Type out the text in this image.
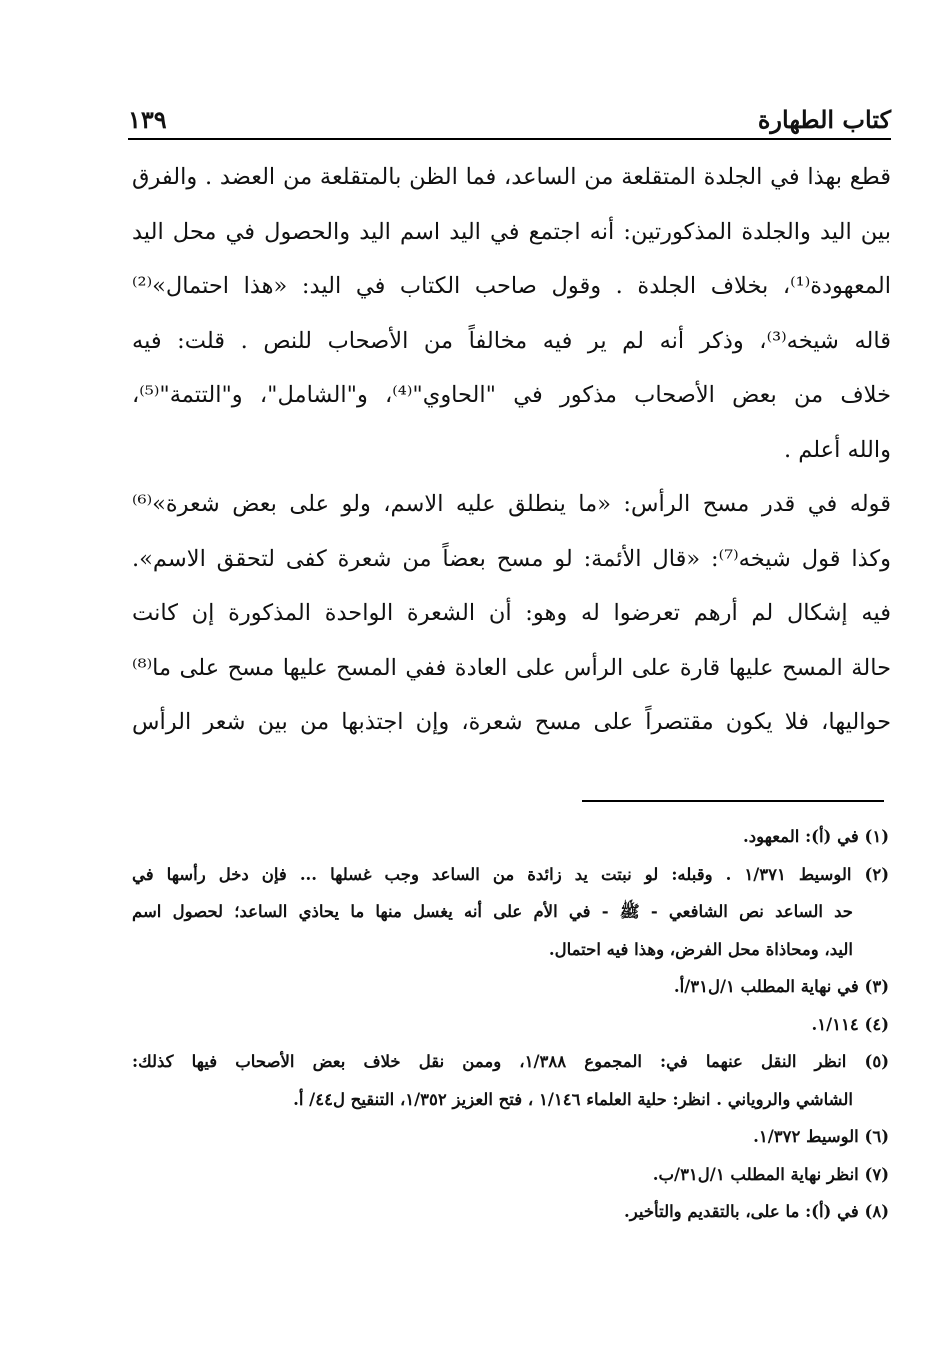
كتاب الطهارة
١٣٩
قطع بهذا في الجلدة المتقلعة من الساعد، فما الظن بالمتقلعة من العضد . والفرق
بين اليد والجلدة المذكورتين: أنه اجتمع في اليد اسم اليد والحصول في محل اليد
المعهودة⁽¹⁾، بخلاف الجلدة . وقول صاحب الكتاب في اليد: «هذا احتمال»⁽²⁾
قاله شيخه⁽³⁾، وذكر أنه لم ير فيه مخالفاً من الأصحاب للنص . قلت: فيه
خلاف من بعض الأصحاب مذكور في "الحاوي"⁽⁴⁾، و"الشامل"، و"التتمة"⁽⁵⁾،
والله أعلم .
قوله في قدر مسح الرأس: «ما ينطلق عليه الاسم، ولو على بعض شعرة»⁽⁶⁾
وكذا قول شيخه⁽⁷⁾: «قال الأئمة: لو مسح بعضاً من شعرة كفى لتحقق الاسم».
فيه إشكال لم أرهم تعرضوا له وهو: أن الشعرة الواحدة المذكورة إن كانت
حالة المسح عليها قارة على الرأس على العادة ففي المسح عليها مسح على ما⁽⁸⁾
حواليها، فلا يكون مقتصراً على مسح شعرة، وإن اجتذبها من بين شعر الرأس
(١) في (أ): المعهود.
(٢) الوسيط ١/٣٧١ . وقبله: لو نبتت يد زائدة من الساعد وجب غسلها ... فإن دخل رأسها في
حد الساعد نص الشافعي - ﷺ - في الأم على أنه يغسل منها ما يحاذي الساعد؛ لحصول اسم
اليد، ومحاذاة محل الفرض، وهذا فيه احتمال.
(٣) في نهاية المطلب ١/ل٣١/أ.
(٤) ١/١١٤.
(٥) انظر النقل عنهما في: المجموع ١/٣٨٨، وممن نقل خلاف بعض الأصحاب فيها كذلك:
الشاشي والروياني . انظر: حلية العلماء ١/١٤٦ ، فتح العزيز ١/٣٥٢، التنقيح ل٤٤/ أ.
(٦) الوسيط ١/٣٧٢.
(٧) انظر نهاية المطلب ١/ل٣١/ب.
(٨) في (أ): ما على، بالتقديم والتأخير.
